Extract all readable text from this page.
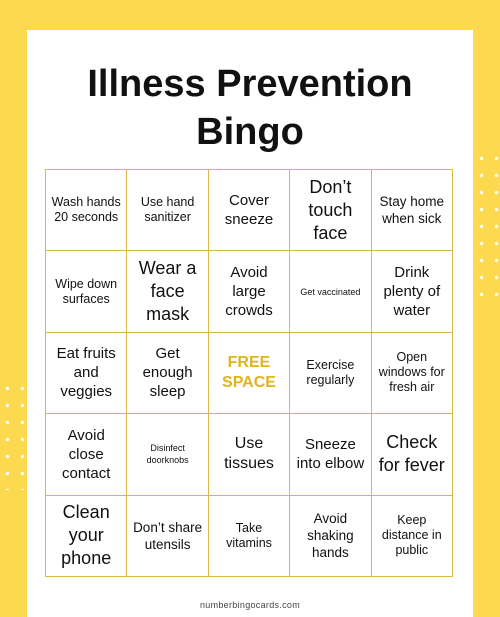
Illness Prevention
Bingo
Wash hands 20 seconds
Use hand sanitizer
Cover sneeze
Don’t touch face
Stay home when sick
Wipe down surfaces
Wear a face mask
Avoid large crowds
Get vaccinated
Drink plenty of water
Eat fruits and veggies
Get enough sleep
FREE SPACE
Exercise regularly
Open windows for fresh air
Avoid close contact
Disinfect doorknobs
Use tissues
Sneeze into elbow
Check for fever
Clean your phone
Don’t share utensils
Take vitamins
Avoid shaking hands
Keep distance in public
numberbingocards.com
